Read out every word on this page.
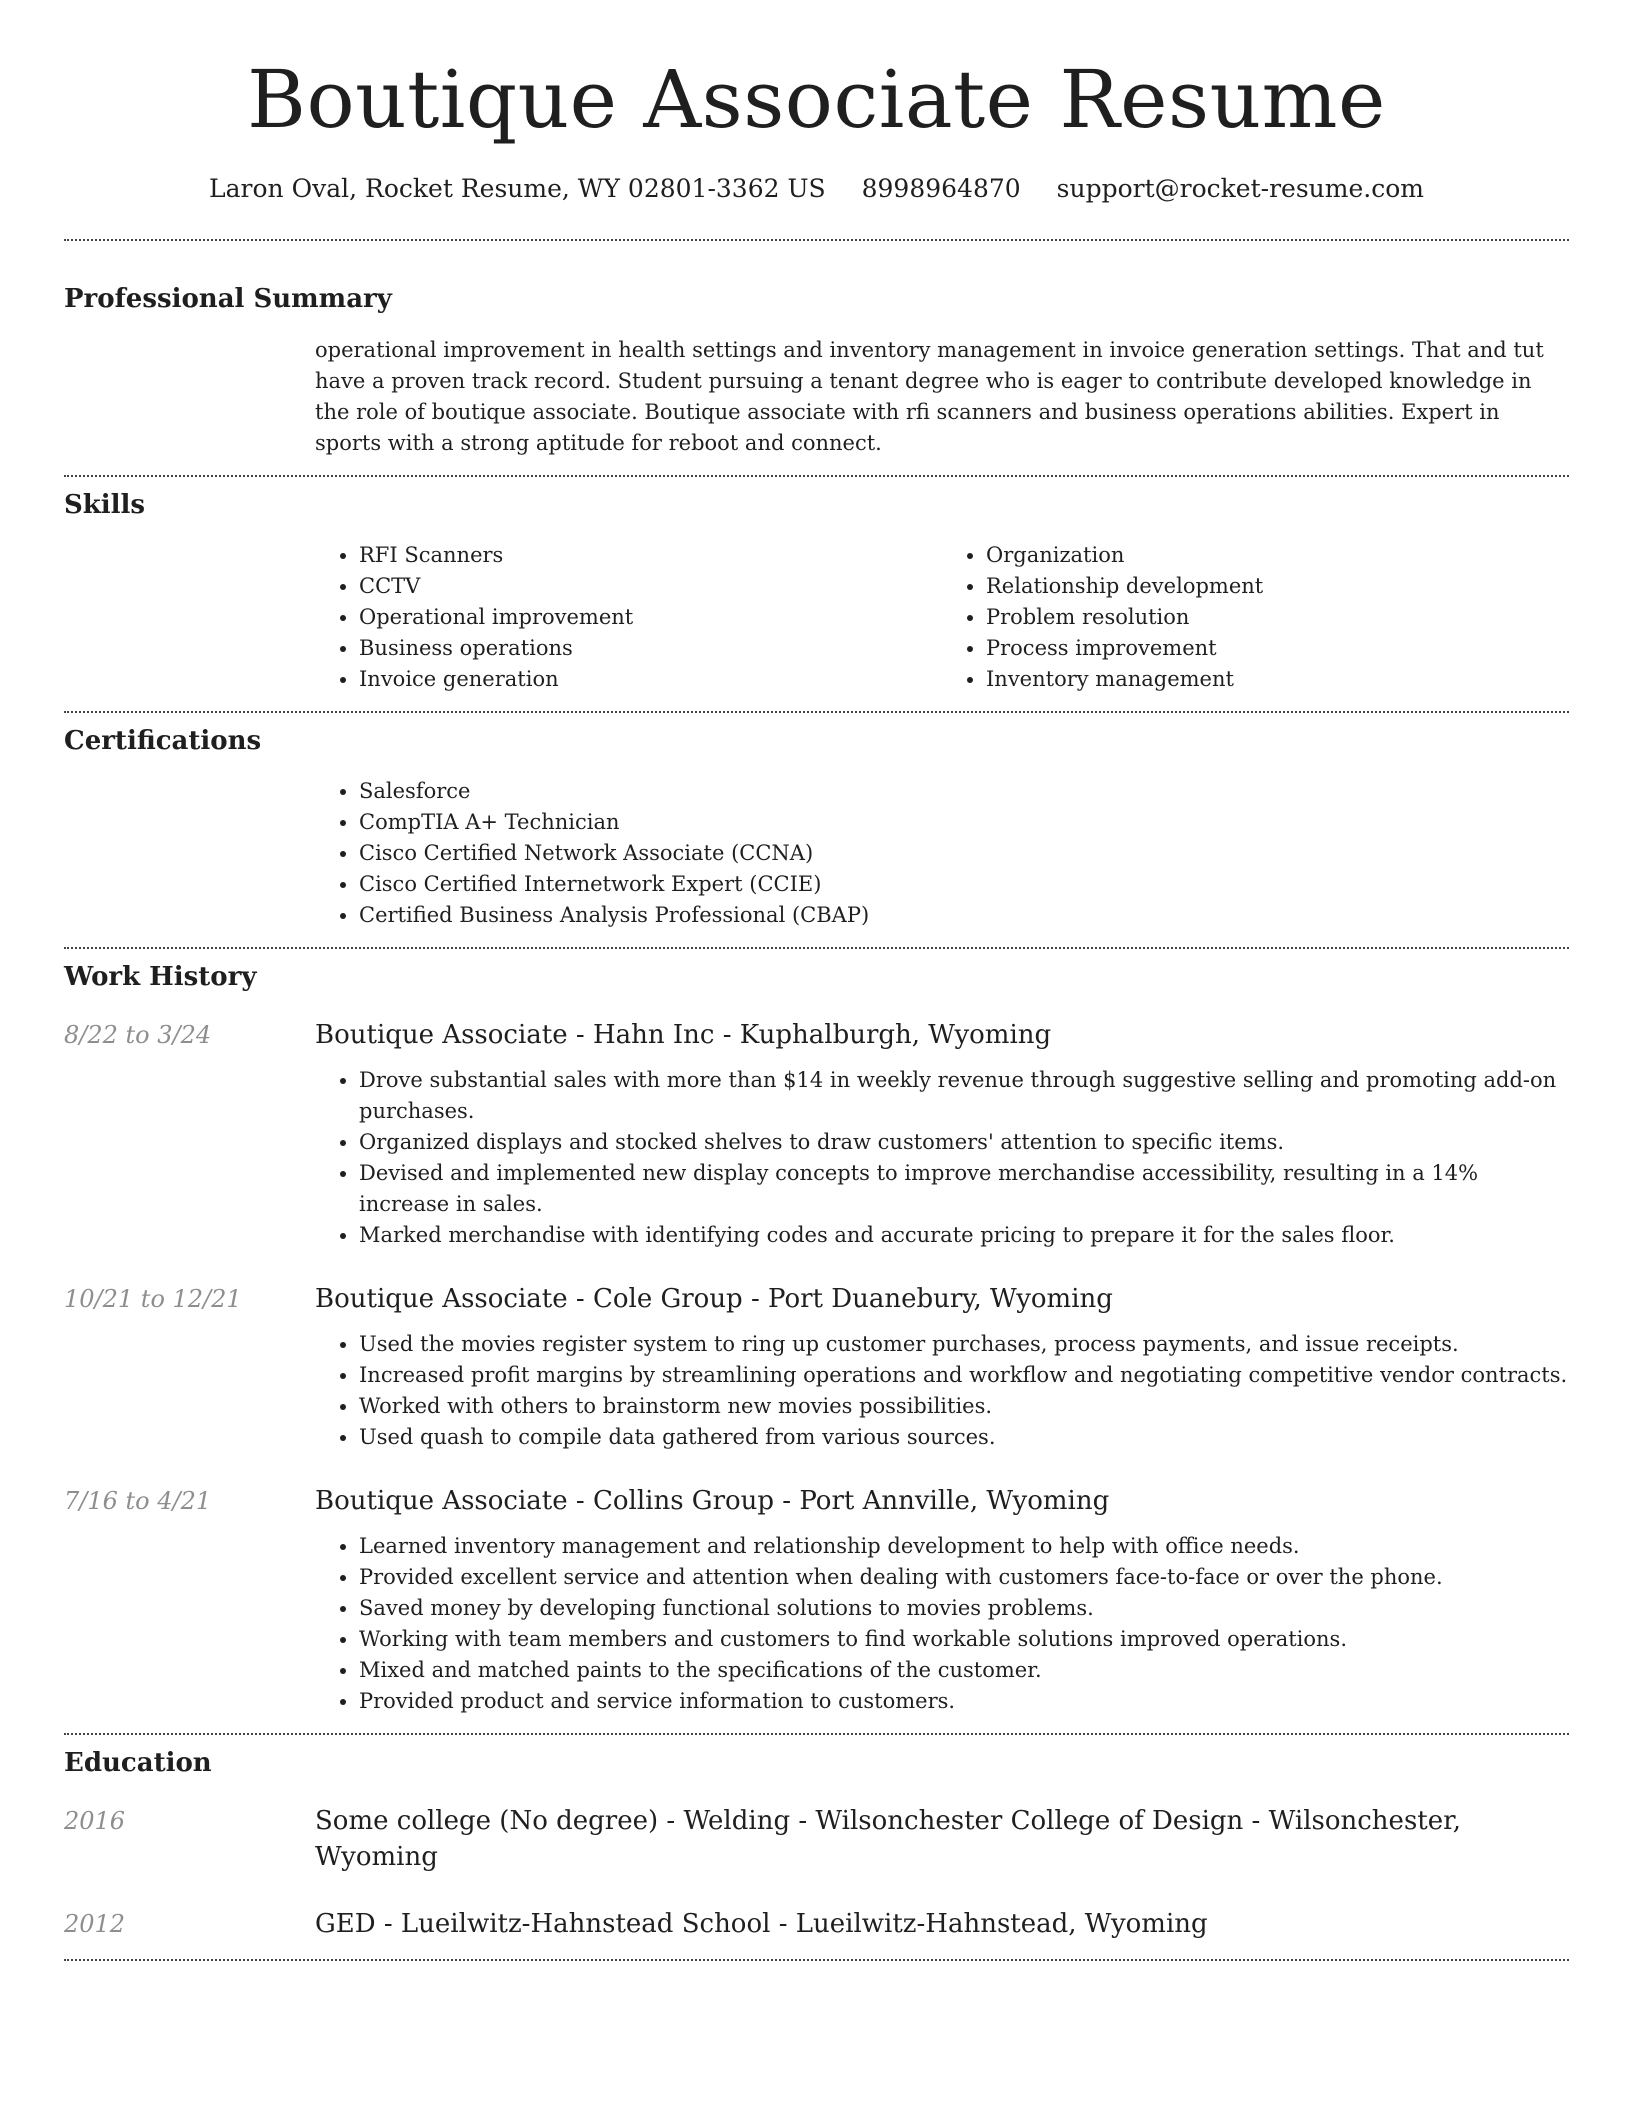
Boutique Associate Resume
Laron Oval, Rocket Resume, WY 02801-3362 US 8998964870 support@rocket-resume.com
Professional Summary

operational improvement in health settings and inventory management in invoice generation settings. That and tut have a proven track record. Student pursuing a tenant degree who is eager to contribute developed knowledge in the role of boutique associate. Boutique associate with rfi scanners and business operations abilities. Expert in sports with a strong aptitude for reboot and connect.

Skills
• RFI Scanners
• CCTV
• Operational improvement
• Business operations
• Invoice generation
• Organization
• Relationship development
• Problem resolution
• Process improvement
• Inventory management
Certifications
• Salesforce
• CompTIA A+ Technician
• Cisco Certified Network Associate (CCNA)
• Cisco Certified Internetwork Expert (CCIE)
• Certified Business Analysis Professional (CBAP)
Work History
8/22 to 3/24	Boutique Associate - Hahn Inc - Kuphalburgh, Wyoming
• Drove substantial sales with more than $14 in weekly revenue through suggestive selling and promoting add-on purchases.
• Organized displays and stocked shelves to draw customers' attention to specific items.
• Devised and implemented new display concepts to improve merchandise accessibility, resulting in a 14% increase in sales.
• Marked merchandise with identifying codes and accurate pricing to prepare it for the sales floor.
10/21 to 12/21	Boutique Associate - Cole Group - Port Duanebury, Wyoming
• Used the movies register system to ring up customer purchases, process payments, and issue receipts.
• Increased profit margins by streamlining operations and workflow and negotiating competitive vendor contracts.
• Worked with others to brainstorm new movies possibilities.
• Used quash to compile data gathered from various sources.
7/16 to 4/21	Boutique Associate - Collins Group - Port Annville, Wyoming
• Learned inventory management and relationship development to help with office needs.
• Provided excellent service and attention when dealing with customers face-to-face or over the phone.
• Saved money by developing functional solutions to movies problems.
• Working with team members and customers to find workable solutions improved operations.
• Mixed and matched paints to the specifications of the customer.
• Provided product and service information to customers.
Education
2016	Some college (No degree) - Welding - Wilsonchester College of Design - Wilsonchester, Wyoming
2012	GED - Lueilwitz-Hahnstead School - Lueilwitz-Hahnstead, Wyoming
